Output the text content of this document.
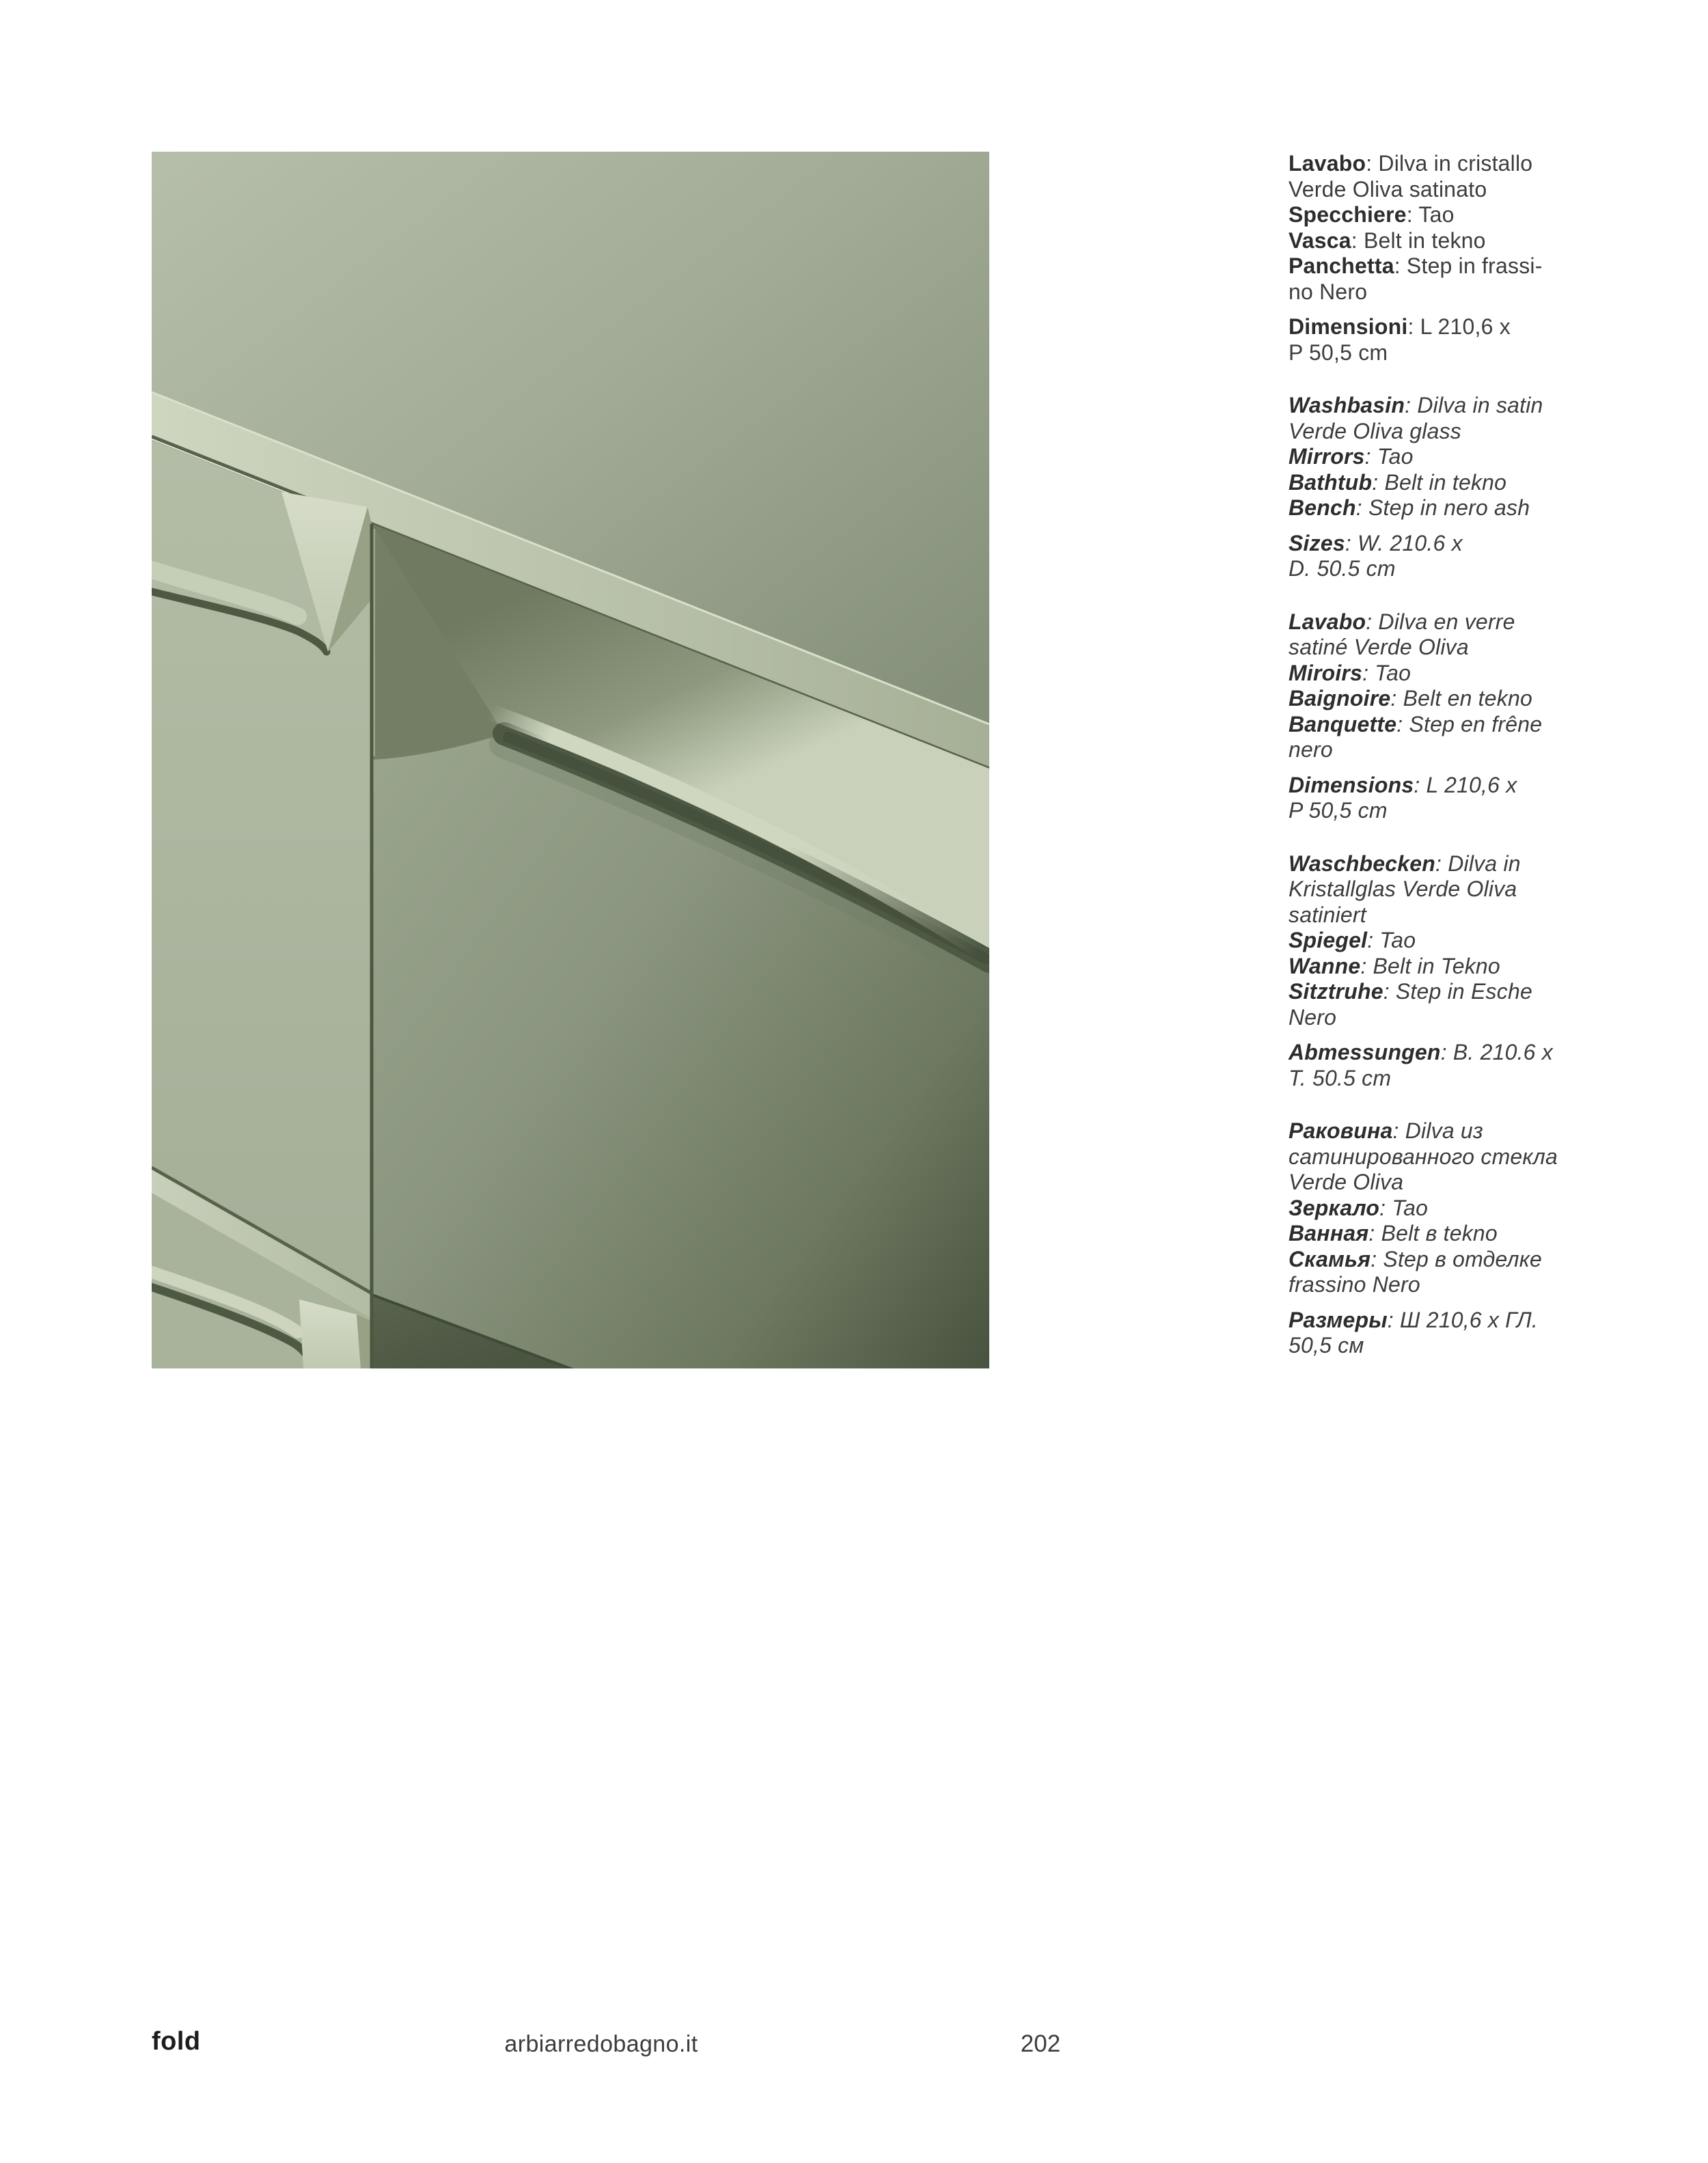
Lavabo: Dilva in cristallo
Verde Oliva satinato
Specchiere: Tao
Vasca: Belt in tekno
Panchetta: Step in frassi-
no Nero
Dimensioni: L 210,6 x
P 50,5 cm
Washbasin: Dilva in satin
Verde Oliva glass
Mirrors: Tao
Bathtub: Belt in tekno
Bench: Step in nero ash
Sizes: W. 210.6 x
D. 50.5 cm
Lavabo: Dilva en verre
satiné Verde Oliva
Miroirs: Tao
Baignoire: Belt en tekno
Banquette: Step en frêne
nero
Dimensions: L 210,6 x
P 50,5 cm
Waschbecken: Dilva in
Kristallglas Verde Oliva
satiniert
Spiegel: Tao
Wanne: Belt in Tekno
Sitztruhe: Step in Esche
Nero
Abmessungen: B. 210.6 x
T. 50.5 cm
Раковина: Dilva из
сатинированного стекла
Verde Oliva
Зеркало: Tao
Ванная: Belt в tekno
Скамья: Step в отделке
frassino Nero
Размеры: Ш 210,6 х ГЛ.
50,5 см
fold	arbiarredobagno.it	202
